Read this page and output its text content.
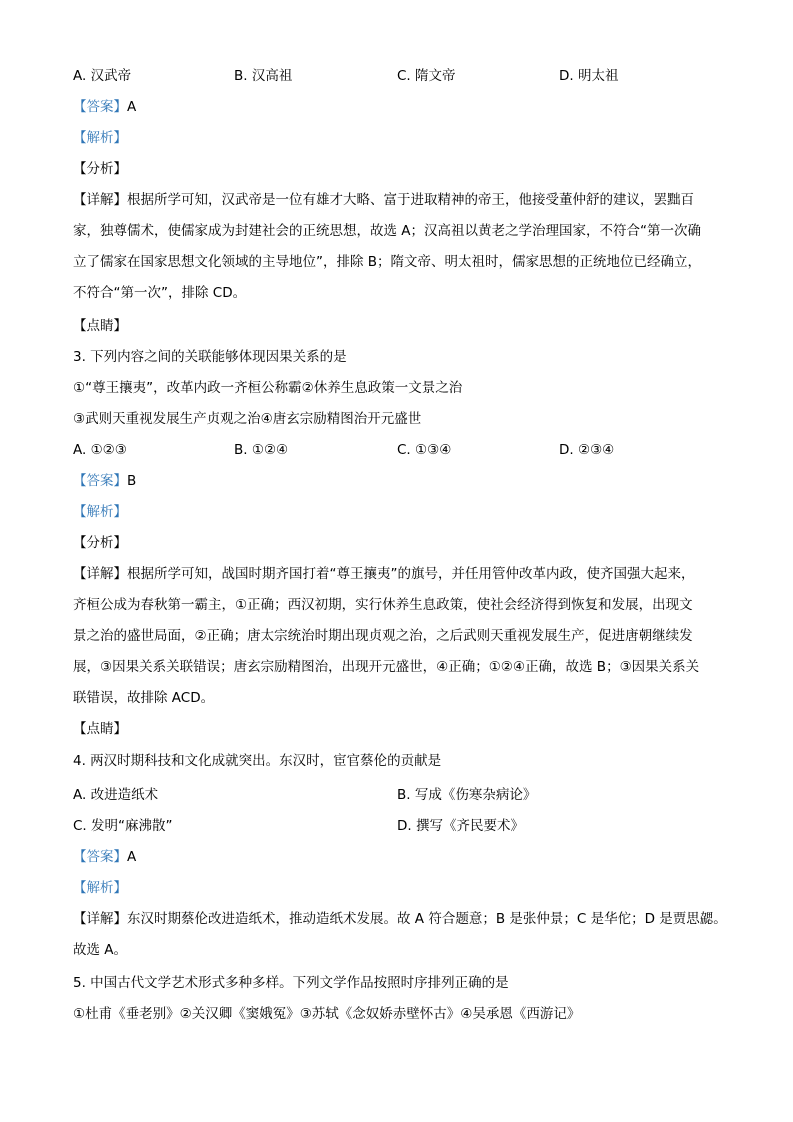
A. 汉武帝	B. 汉高祖	C. 隋文帝	D. 明太祖
【答案】A
【解析】
【分析】
【详解】根据所学可知，汉武帝是一位有雄才大略、富于进取精神的帝王，他接受董仲舒的建议，罢黜百
家，独尊儒术，使儒家成为封建社会的正统思想，故选 A；汉高祖以黄老之学治理国家，不符合“第一次确
立了儒家在国家思想文化领域的主导地位”，排除 B；隋文帝、明太祖时，儒家思想的正统地位已经确立，
不符合“第一次”，排除 CD。
【点睛】
3. 下列内容之间的关联能够体现因果关系的是
①“尊王攘夷”，改革内政一齐桓公称霸②休养生息政策一文景之治
③武则天重视发展生产贞观之治④唐玄宗励精图治开元盛世
A. ①②③	B. ①②④	C. ①③④	D. ②③④
【答案】B
【解析】
【分析】
【详解】根据所学可知，战国时期齐国打着“尊王攘夷”的旗号，并任用管仲改革内政，使齐国强大起来，
齐桓公成为春秋第一霸主，①正确；西汉初期，实行休养生息政策，使社会经济得到恢复和发展，出现文
景之治的盛世局面，②正确；唐太宗统治时期出现贞观之治，之后武则天重视发展生产，促进唐朝继续发
展，③因果关系关联错误；唐玄宗励精图治，出现开元盛世，④正确；①②④正确，故选 B；③因果关系关
联错误，故排除 ACD。
【点睛】
4. 两汉时期科技和文化成就突出。东汉时，宦官蔡伦的贡献是
A. 改进造纸术	B. 写成《伤寒杂病论》
C. 发明“麻沸散”	D. 撰写《齐民要术》
【答案】A
【解析】
【详解】东汉时期蔡伦改进造纸术，推动造纸术发展。故 A 符合题意；B 是张仲景；C 是华佗；D 是贾思勰。
故选 A。
5. 中国古代文学艺术形式多种多样。下列文学作品按照时序排列正确的是
①杜甫《垂老别》②关汉卿《窦娥冤》③苏轼《念奴娇赤壁怀古》④吴承恩《西游记》
